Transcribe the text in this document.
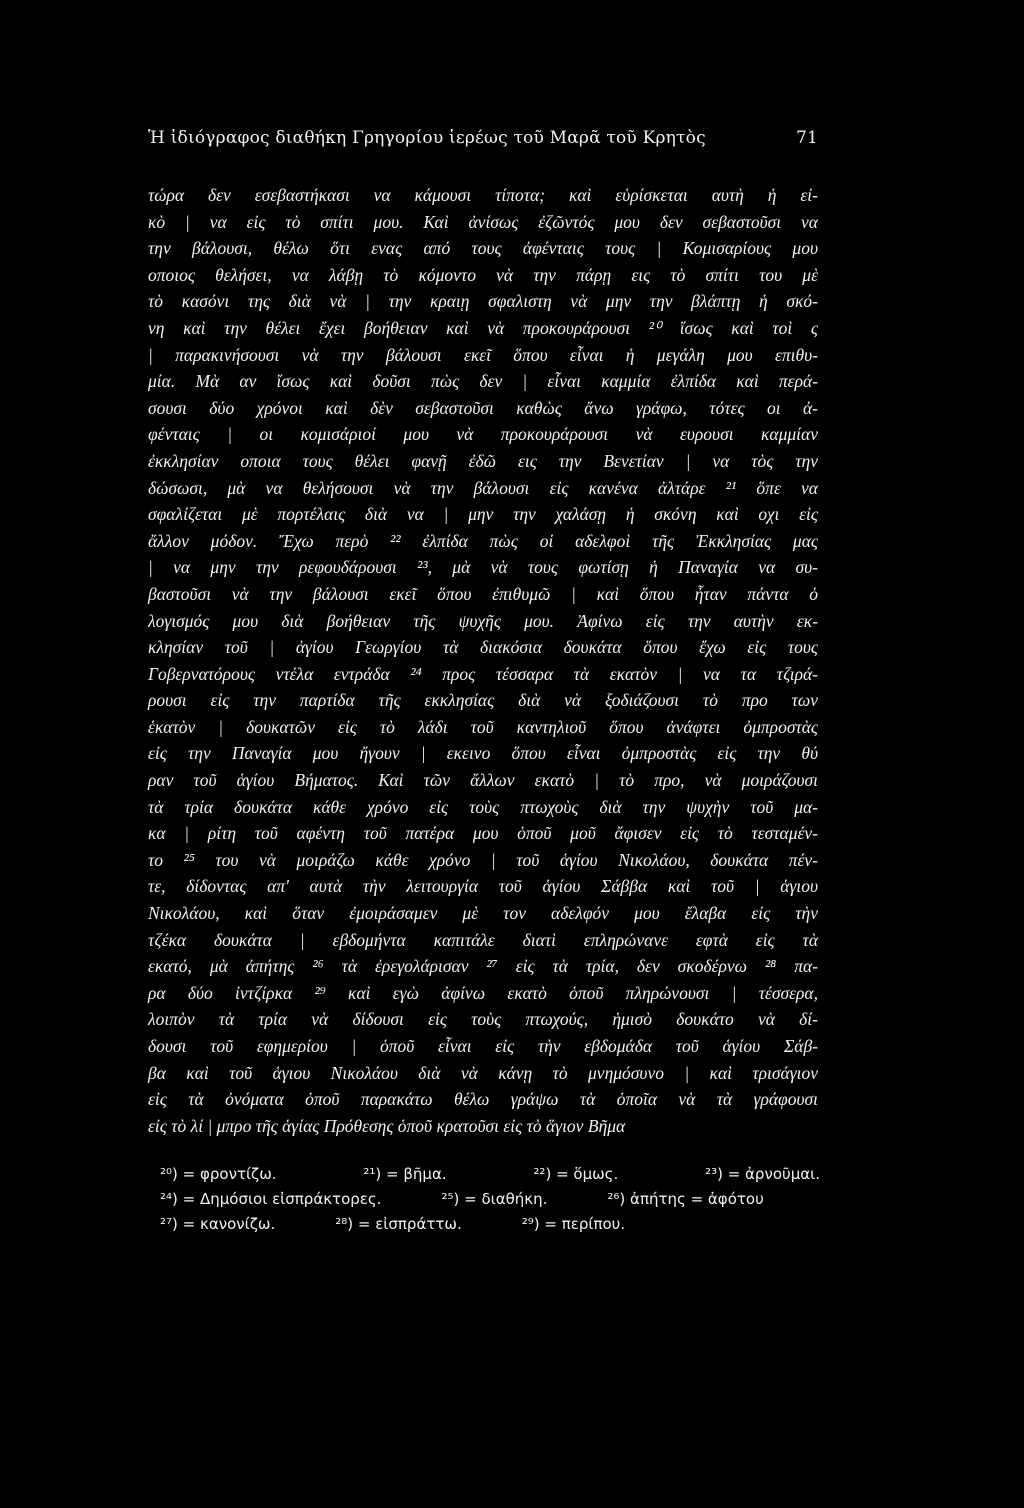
Ἡ ἰδιόγραφος διαθήκη Γρηγορίου ἱερέως τοῦ Μαρᾶ τοῦ Κρητὸς	71
τώρα δεν εσεβαστήκασι να κάμουσι τίποτα; καὶ εὑρίσκεται αυτὴ ἡ εἰ-
κὸ | να εἰς τὸ σπίτι μου. Καὶ ἀνίσως ἐζῶντός μου δεν σεβαστοῦσι να
την βάλουσι, θέλω ὅτι ενας από τους ἀφένταις τους | Κομισαρίους μου
οποιος θελήσει, να λάβῃ τὸ κόμοντο νὰ την πάρῃ εις τὸ σπίτι του μὲ
τὸ κασόνι της διὰ νὰ | την κραιῃ σφαλιστη νὰ μην την βλάπτῃ ἡ σκό-
νη καὶ την θέλει ἔχει βοήθειαν καὶ νὰ προκουράρουσι ²⁰ ἴσως καὶ τοὶ ς
| παρακινήσουσι νὰ την βάλουσι εκεῖ ὅπου εἶναι ἡ μεγάλη μου επιθυ-
μία. Μὰ αν ἴσως καὶ δοῦσι πὼς δεν | εἶναι καμμία ἐλπίδα καὶ περά-
σουσι δύο χρόνοι καὶ δὲν σεβαστοῦσι καθὼς ἄνω γράφω, τότες οι ἀ-
φένταις | οι κομισάριοί μου νὰ προκουράρουσι νὰ ευρουσι καμμίαν
ἐκκλησίαν οποια τους θέλει φανῇ ἐδῶ εις την Βενετίαν | να τὸς την
δώσωσι, μὰ να θελήσουσι νὰ την βάλουσι εἰς κανένα ἀλτάρε ²¹ ὅπε να
σφαλίζεται μὲ πορτέλαις διὰ να | μην την χαλάσῃ ἡ σκόνη καὶ οχι εἰς
ἄλλον μόδον. Ἔχω περὸ ²² ἐλπίδα πὼς οἱ αδελφοὶ τῆς Ἐκκλησίας μας
| να μην την ρεφουδάρουσι ²³, μὰ νὰ τους φωτίσῃ ἡ Παναγία να συ-
βαστοῦσι νὰ την βάλουσι εκεῖ ὅπου ἐπιθυμῶ | καὶ ὅπου ἦταν πάντα ὁ
λογισμός μου διὰ βοήθειαν τῆς ψυχῆς μου. Ἀφίνω εἰς την αυτὴν εκ-
κλησίαν τοῦ | ἁγίου Γεωργίου τὰ διακόσια δουκάτα ὅπου ἔχω εἰς τους
Γοβερνατόρους ντέλα εντράδα ²⁴ προς τέσσαρα τὰ εκατὸν | να τα τζιρά-
ρουσι εἰς την παρτίδα τῆς εκκλησίας διὰ νὰ ξοδιάζουσι τὸ προ των
ἑκατὸν | δουκατῶν εἰς τὸ λάδι τοῦ καντηλιοῦ ὅπου ἀνάφτει ὀμπροστὰς
εἰς την Παναγία μου ἤγουν | εκεινο ὅπου εἶναι ὀμπροστὰς εἰς την θύ
ραν τοῦ ἁγίου Βήματος. Καὶ τῶν ἄλλων εκατὸ | τὸ προ, νὰ μοιράζουσι
τὰ τρία δουκάτα κάθε χρόνο εἰς τοὺς πτωχοὺς διὰ την ψυχὴν τοῦ μα-
κα | ρίτη τοῦ αφέντη τοῦ πατέρα μου ὁποῦ μοῦ ἄφισεν εἰς τὸ τεσταμέν-
το ²⁵ του νὰ μοιράζω κάθε χρόνο | τοῦ ἁγίου Νικολάου, δουκάτα πέν-
τε, δίδοντας απ' αυτὰ τὴν λειτουργία τοῦ ἁγίου Σάββα καὶ τοῦ | ἁγιου
Νικολάου, καὶ ὅταν ἐμοιράσαμεν μὲ τον αδελφόν μου ἔλαβα εἰς τὴν
τζέκα δουκάτα | εβδομήντα καπιτάλε διατὶ επληρώνανε εφτὰ εἰς τὰ
εκατό, μὰ ἀπήτης ²⁶ τὰ ἐρεγολάρισαν ²⁷ εἰς τὰ τρία, δεν σκοδέρνω ²⁸ πα-
ρα δύο ἰντζίρκα ²⁹ καὶ εγὼ ἀφίνω εκατὸ ὁποῦ πληρώνουσι | τέσσερα,
λοιπὸν τὰ τρία νὰ δίδουσι εἰς τοὺς πτωχούς, ἡμισὸ δουκάτο νὰ δί-
δουσι τοῦ εφημερίου | ὁποῦ εἶναι εἰς τὴν εβδομάδα τοῦ ἁγίου Σάβ-
βα καὶ τοῦ ἁγιου Νικολάου διὰ νὰ κάνῃ τὸ μνημόσυνο | καὶ τρισάγιον
εἰς τὰ ὀνόματα ὁποῦ παρακάτω θέλω γράψω τὰ ὁποῖα νὰ τὰ γράφουσι
εἰς τὸ λί | μπρο τῆς ἁγίας Πρόθεσης ὁποῦ κρατοῦσι εἰς τὸ ἅγιον Βῆμα
²⁰) = φροντίζω.	²¹) = βῆμα.	²²) = ὅμως.	²³) = ἀρνοῦμαι.
²⁴) = Δημόσιοι εἰσπράκτορες.	²⁵) = διαθήκη.	²⁶) ἀπήτης = ἀφότου
²⁷) = κανονίζω.	²⁸) = εἰσπράττω.	²⁹) = περίπου.
